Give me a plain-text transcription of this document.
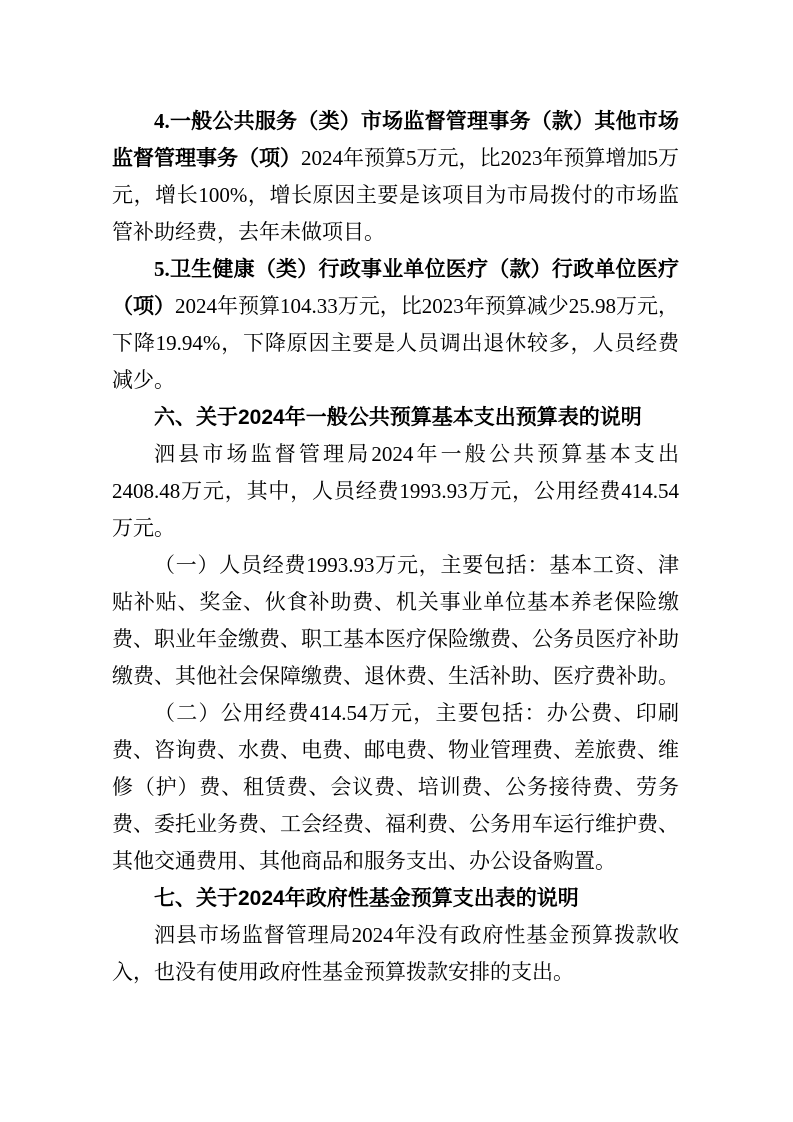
4.一般公共服务（类）市场监督管理事务（款）其他市场监督管理事务（项）2024年预算5万元，比2023年预算增加5万元，增长100%，增长原因主要是该项目为市局拨付的市场监管补助经费，去年未做项目。

5.卫生健康（类）行政事业单位医疗（款）行政单位医疗（项）2024年预算104.33万元，比2023年预算减少25.98万元，下降19.94%，下降原因主要是人员调出退休较多，人员经费减少。

六、关于2024年一般公共预算基本支出预算表的说明

泗县市场监督管理局2024年一般公共预算基本支出2408.48万元，其中，人员经费1993.93万元，公用经费414.54万元。

（一）人员经费1993.93万元，主要包括：基本工资、津贴补贴、奖金、伙食补助费、机关事业单位基本养老保险缴费、职业年金缴费、职工基本医疗保险缴费、公务员医疗补助缴费、其他社会保障缴费、退休费、生活补助、医疗费补助。

（二）公用经费414.54万元，主要包括：办公费、印刷费、咨询费、水费、电费、邮电费、物业管理费、差旅费、维修（护）费、租赁费、会议费、培训费、公务接待费、劳务费、委托业务费、工会经费、福利费、公务用车运行维护费、其他交通费用、其他商品和服务支出、办公设备购置。

七、关于2024年政府性基金预算支出表的说明

泗县市场监督管理局2024年没有政府性基金预算拨款收入，也没有使用政府性基金预算拨款安排的支出。
